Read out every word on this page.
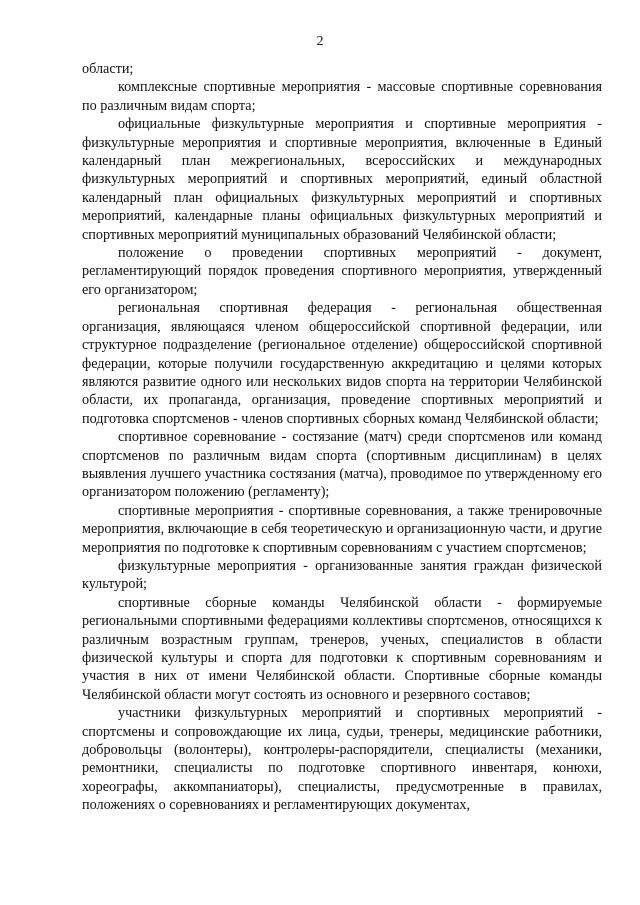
2

области;

комплексные спортивные мероприятия - массовые спортивные соревнования по различным видам спорта;

официальные физкультурные мероприятия и спортивные мероприятия - физкультурные мероприятия и спортивные мероприятия, включенные в Единый календарный план межрегиональных, всероссийских и международных физкультурных мероприятий и спортивных мероприятий, единый областной календарный план официальных физкультурных мероприятий и спортивных мероприятий, календарные планы официальных физкультурных мероприятий и спортивных мероприятий муниципальных образований Челябинской области;

положение о проведении спортивных мероприятий - документ, регламентирующий порядок проведения спортивного мероприятия, утвержденный его организатором;

региональная спортивная федерация - региональная общественная организация, являющаяся членом общероссийской спортивной федерации, или структурное подразделение (региональное отделение) общероссийской спортивной федерации, которые получили государственную аккредитацию и целями которых являются развитие одного или нескольких видов спорта на территории Челябинской области, их пропаганда, организация, проведение спортивных мероприятий и подготовка спортсменов - членов спортивных сборных команд Челябинской области;

спортивное соревнование - состязание (матч) среди спортсменов или команд спортсменов по различным видам спорта (спортивным дисциплинам) в целях выявления лучшего участника состязания (матча), проводимое по утвержденному его организатором положению (регламенту);

спортивные мероприятия - спортивные соревнования, а также тренировочные мероприятия, включающие в себя теоретическую и организационную части, и другие мероприятия по подготовке к спортивным соревнованиям с участием спортсменов;

физкультурные мероприятия - организованные занятия граждан физической культурой;

спортивные сборные команды Челябинской области - формируемые региональными спортивными федерациями коллективы спортсменов, относящихся к различным возрастным группам, тренеров, ученых, специалистов в области физической культуры и спорта для подготовки к спортивным соревнованиям и участия в них от имени Челябинской области. Спортивные сборные команды Челябинской области могут состоять из основного и резервного составов;

участники физкультурных мероприятий и спортивных мероприятий - спортсмены и сопровождающие их лица, судьи, тренеры, медицинские работники, добровольцы (волонтеры), контролеры-распорядители, специалисты (механики, ремонтники, специалисты по подготовке спортивного инвентаря, конюхи, хореографы, аккомпаниаторы), специалисты, предусмотренные в правилах, положениях о соревнованиях и регламентирующих документах,
